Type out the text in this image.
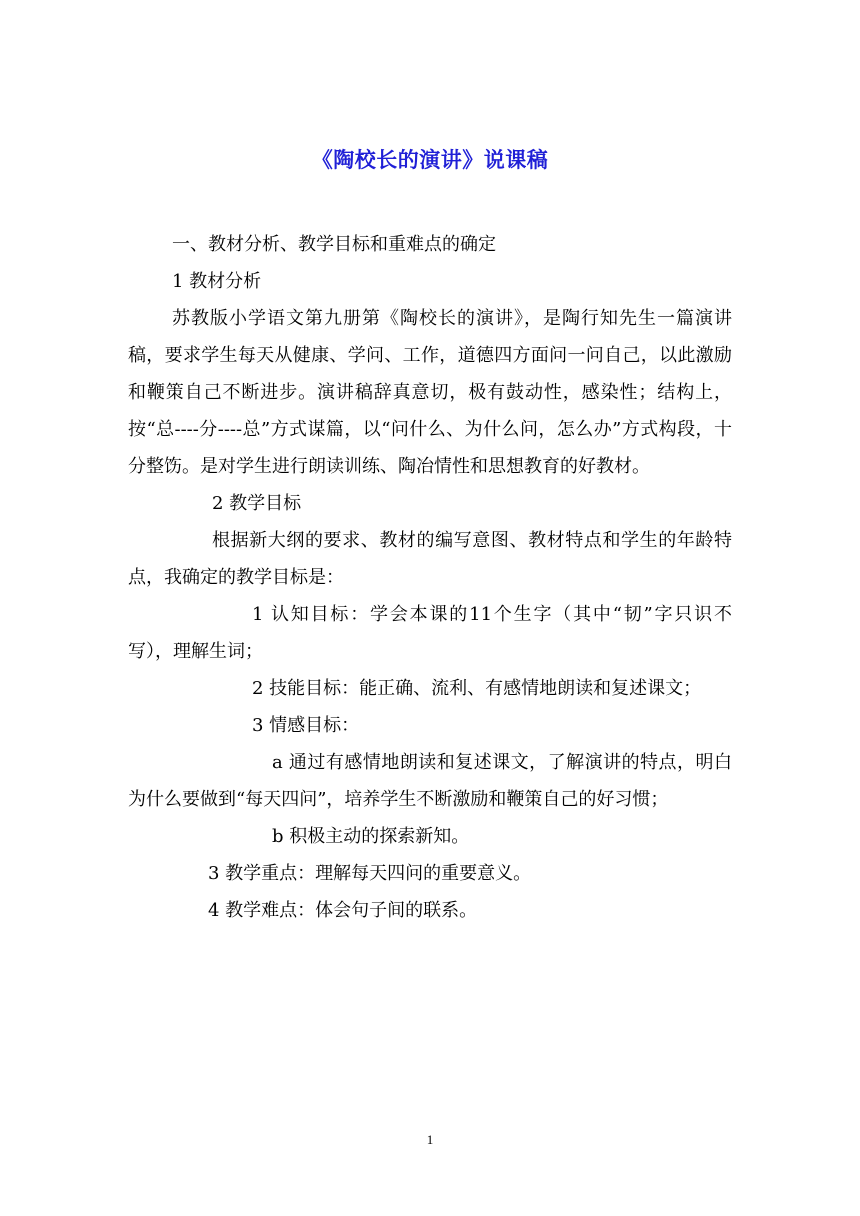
《陶校长的演讲》说课稿

一、教材分析、教学目标和重难点的确定

1 教材分析

苏教版小学语文第九册第《陶校长的演讲》，是陶行知先生一篇演讲稿，要求学生每天从健康、学问、工作，道德四方面问一问自己，以此激励和鞭策自己不断进步。演讲稿辞真意切，极有鼓动性，感染性；结构上，按“总----分----总”方式谋篇，以“问什么、为什么问，怎么办”方式构段，十分整饬。是对学生进行朗读训练、陶冶情性和思想教育的好教材。

2 教学目标

根据新大纲的要求、教材的编写意图、教材特点和学生的年龄特点，我确定的教学目标是：

1 认知目标：学会本课的11个生字（其中“韧”字只识不写），理解生词；

2 技能目标：能正确、流利、有感情地朗读和复述课文；

3 情感目标：

a 通过有感情地朗读和复述课文，了解演讲的特点，明白为什么要做到“每天四问”，培养学生不断激励和鞭策自己的好习惯；

b 积极主动的探索新知。

3 教学重点：理解每天四问的重要意义。

4 教学难点：体会句子间的联系。

1
